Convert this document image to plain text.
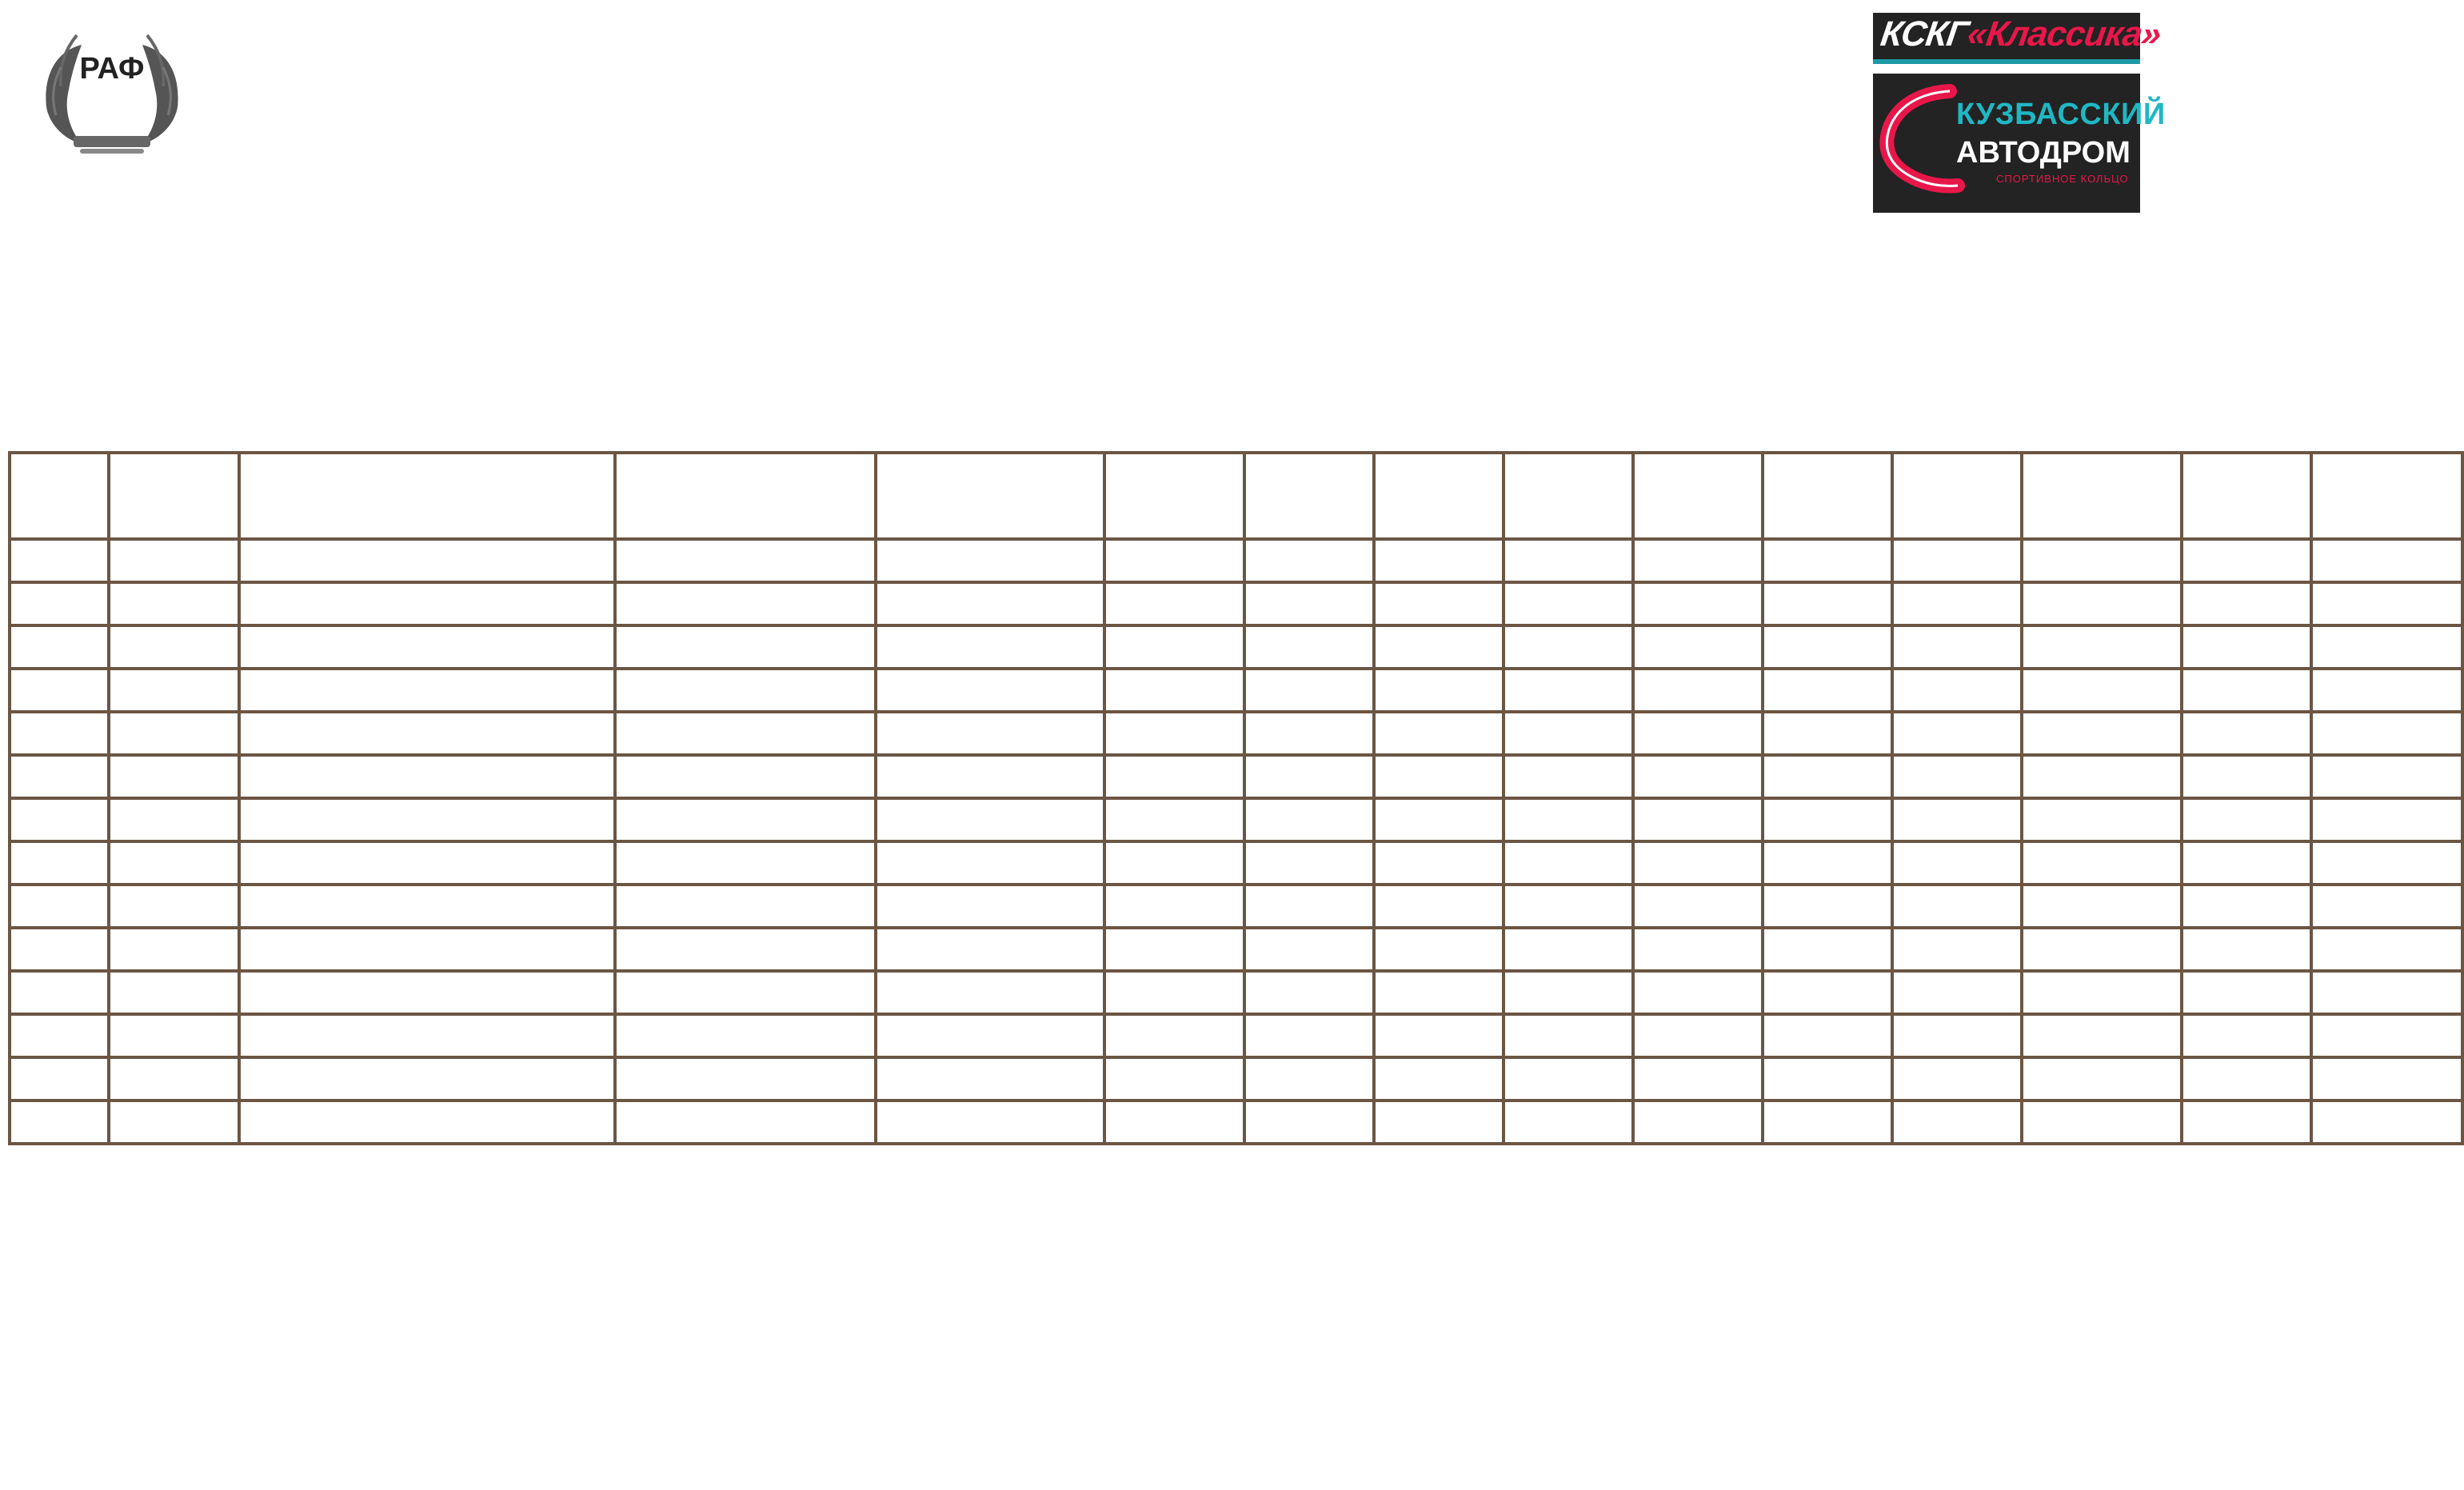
РАФ
КСКГ«Классика»
КУЗБАССКИЙ
АВТОДРОМ
СПОРТИВНОЕ КОЛЬЦО
